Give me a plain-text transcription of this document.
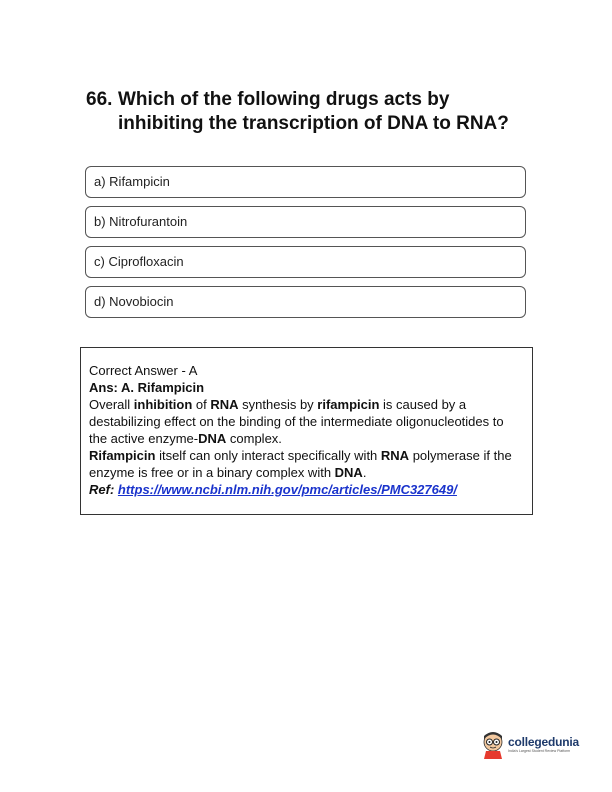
66. Which of the following drugs acts by inhibiting the transcription of DNA to RNA?
a) Rifampicin
b) Nitrofurantoin
c) Ciprofloxacin
d) Novobiocin

Correct Answer - A

Ans: A. Rifampicin

Overall inhibition of RNA synthesis by rifampicin is caused by a destabilizing effect on the binding of the intermediate oligonucleotides to the active enzyme-DNA complex.

Rifampicin itself can only interact specifically with RNA polymerase if the enzyme is free or in a binary complex with DNA.

Ref: https://www.ncbi.nlm.nih.gov/pmc/articles/PMC327649/

collegedunia
India's Largest Student Review Platform
